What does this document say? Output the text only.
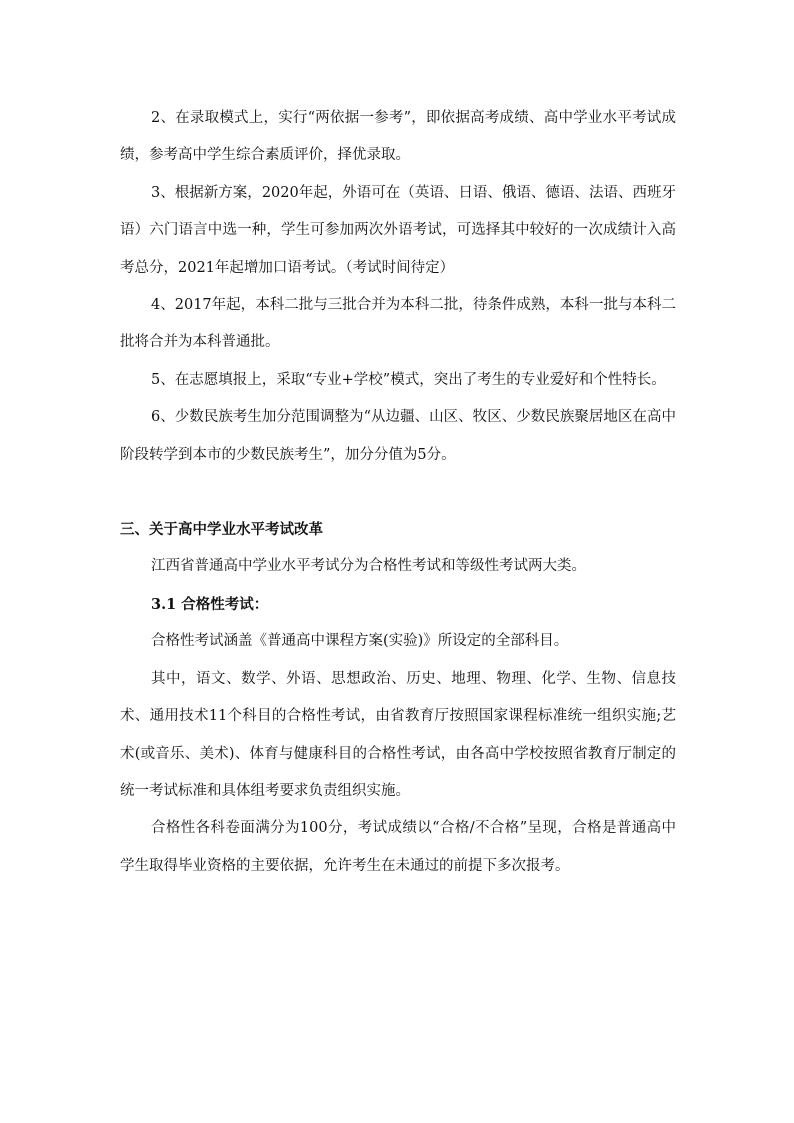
2、在录取模式上，实行“两依据一参考”，即依据高考成绩、高中学业水平考试成绩，参考高中学生综合素质评价，择优录取。

3、根据新方案，2020年起，外语可在（英语、日语、俄语、德语、法语、西班牙语）六门语言中选一种，学生可参加两次外语考试，可选择其中较好的一次成绩计入高考总分，2021年起增加口语考试。（考试时间待定）

4、2017年起，本科二批与三批合并为本科二批，待条件成熟，本科一批与本科二批将合并为本科普通批。

5、在志愿填报上，采取“专业+学校”模式，突出了考生的专业爱好和个性特长。

6、少数民族考生加分范围调整为“从边疆、山区、牧区、少数民族聚居地区在高中阶段转学到本市的少数民族考生”，加分分值为5分。

三、关于高中学业水平考试改革

江西省普通高中学业水平考试分为合格性考试和等级性考试两大类。

3.1 合格性考试：

合格性考试涵盖《普通高中课程方案(实验)》所设定的全部科目。

其中，语文、数学、外语、思想政治、历史、地理、物理、化学、生物、信息技术、通用技术11个科目的合格性考试，由省教育厅按照国家课程标准统一组织实施;艺术(或音乐、美术)、体育与健康科目的合格性考试，由各高中学校按照省教育厅制定的统一考试标准和具体组考要求负责组织实施。

合格性各科卷面满分为100分，考试成绩以“合格/不合格”呈现，合格是普通高中学生取得毕业资格的主要依据，允许考生在未通过的前提下多次报考。
